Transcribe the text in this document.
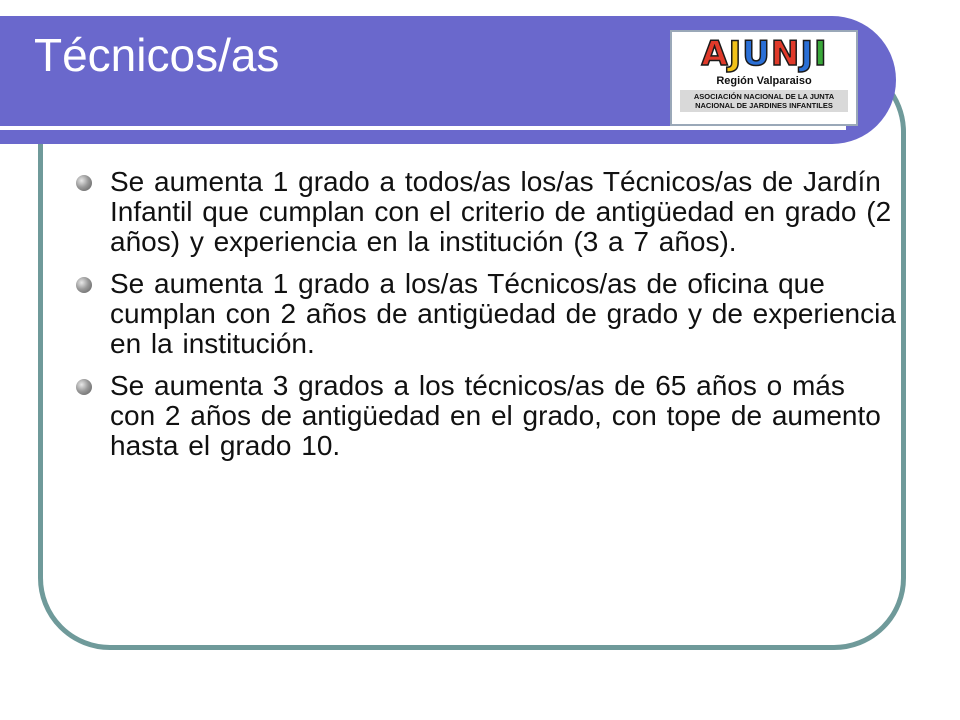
Técnicos/as	A J U N J I
Región Valparaiso
ASOCIACIÓN NACIONAL DE LA JUNTA
NACIONAL DE JARDINES INFANTILES
Se aumenta 1 grado a todos/as los/as Técnicos/as de Jardín Infantil que cumplan con el criterio de antigüedad en grado (2 años) y experiencia en la institución (3 a 7 años).
Se aumenta 1 grado a los/as Técnicos/as de oficina que cumplan con 2 años de antigüedad de grado y de experiencia en la institución.
Se aumenta 3 grados a los técnicos/as de 65 años o más con 2 años de antigüedad en el grado, con tope de aumento hasta el grado 10.
